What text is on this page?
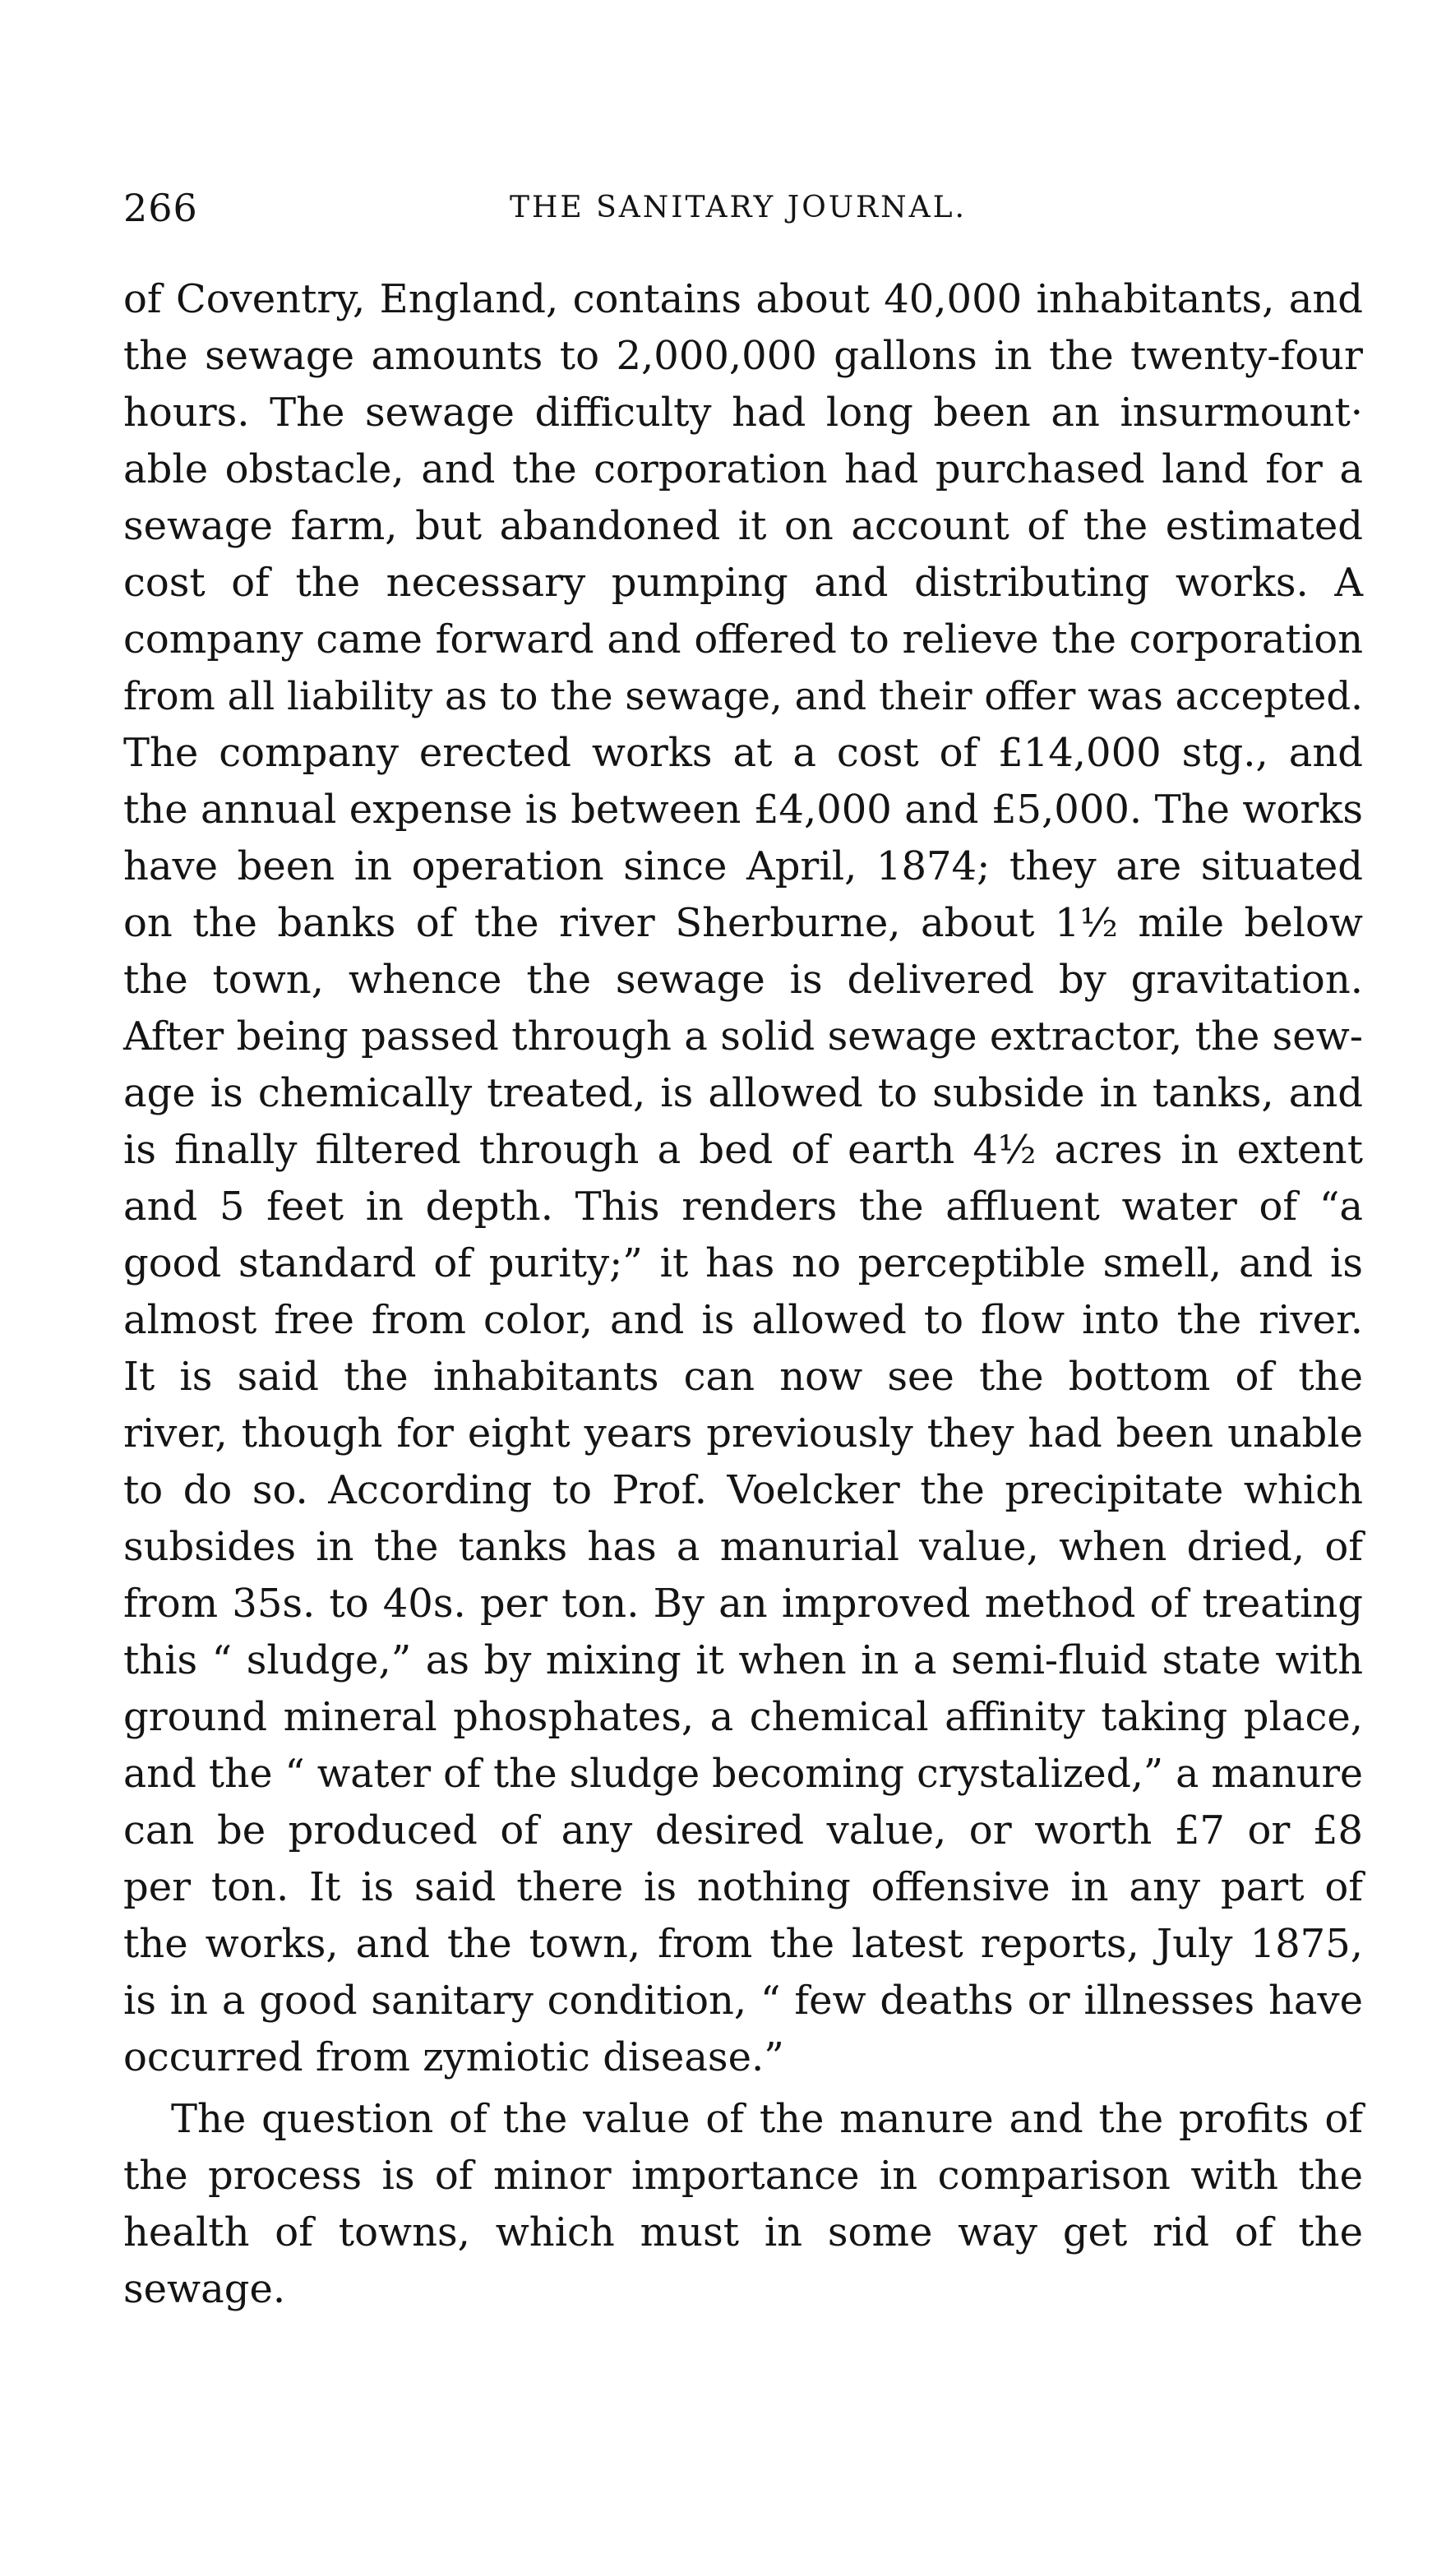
266	THE SANITARY JOURNAL.
of Coventry, England, contains about 40,000 inhabitants, and
the sewage amounts to 2,000,000 gallons in the twenty-four
hours. The sewage difficulty had long been an insurmount·
able obstacle, and the corporation had purchased land for a
sewage farm, but abandoned it on account of the estimated
cost of the necessary pumping and distributing works. A
company came forward and offered to relieve the corporation
from all liability as to the sewage, and their offer was accepted.
The company erected works at a cost of £14,000 stg., and
the annual expense is between £4,000 and £5,000. The works
have been in operation since April, 1874; they are situated
on the banks of the river Sherburne, about 1½ mile below
the town, whence the sewage is delivered by gravitation.
After being passed through a solid sewage extractor, the sew-
age is chemically treated, is allowed to subside in tanks, and
is finally filtered through a bed of earth 4½ acres in extent
and 5 feet in depth. This renders the affluent water of “a
good standard of purity;” it has no perceptible smell, and is
almost free from color, and is allowed to flow into the river.
It is said the inhabitants can now see the bottom of the
river, though for eight years previously they had been unable
to do so. According to Prof. Voelcker the precipitate which
subsides in the tanks has a manurial value, when dried, of
from 35s. to 40s. per ton. By an improved method of treating
this “ sludge,” as by mixing it when in a semi-fluid state with
ground mineral phosphates, a chemical affinity taking place,
and the “ water of the sludge becoming crystalized,” a manure
can be produced of any desired value, or worth £7 or £8
per ton. It is said there is nothing offensive in any part of
the works, and the town, from the latest reports, July 1875,
is in a good sanitary condition, “ few deaths or illnesses have
occurred from zymiotic disease.”
The question of the value of the manure and the profits of
the process is of minor importance in comparison with the
health of towns, which must in some way get rid of the
sewage.
